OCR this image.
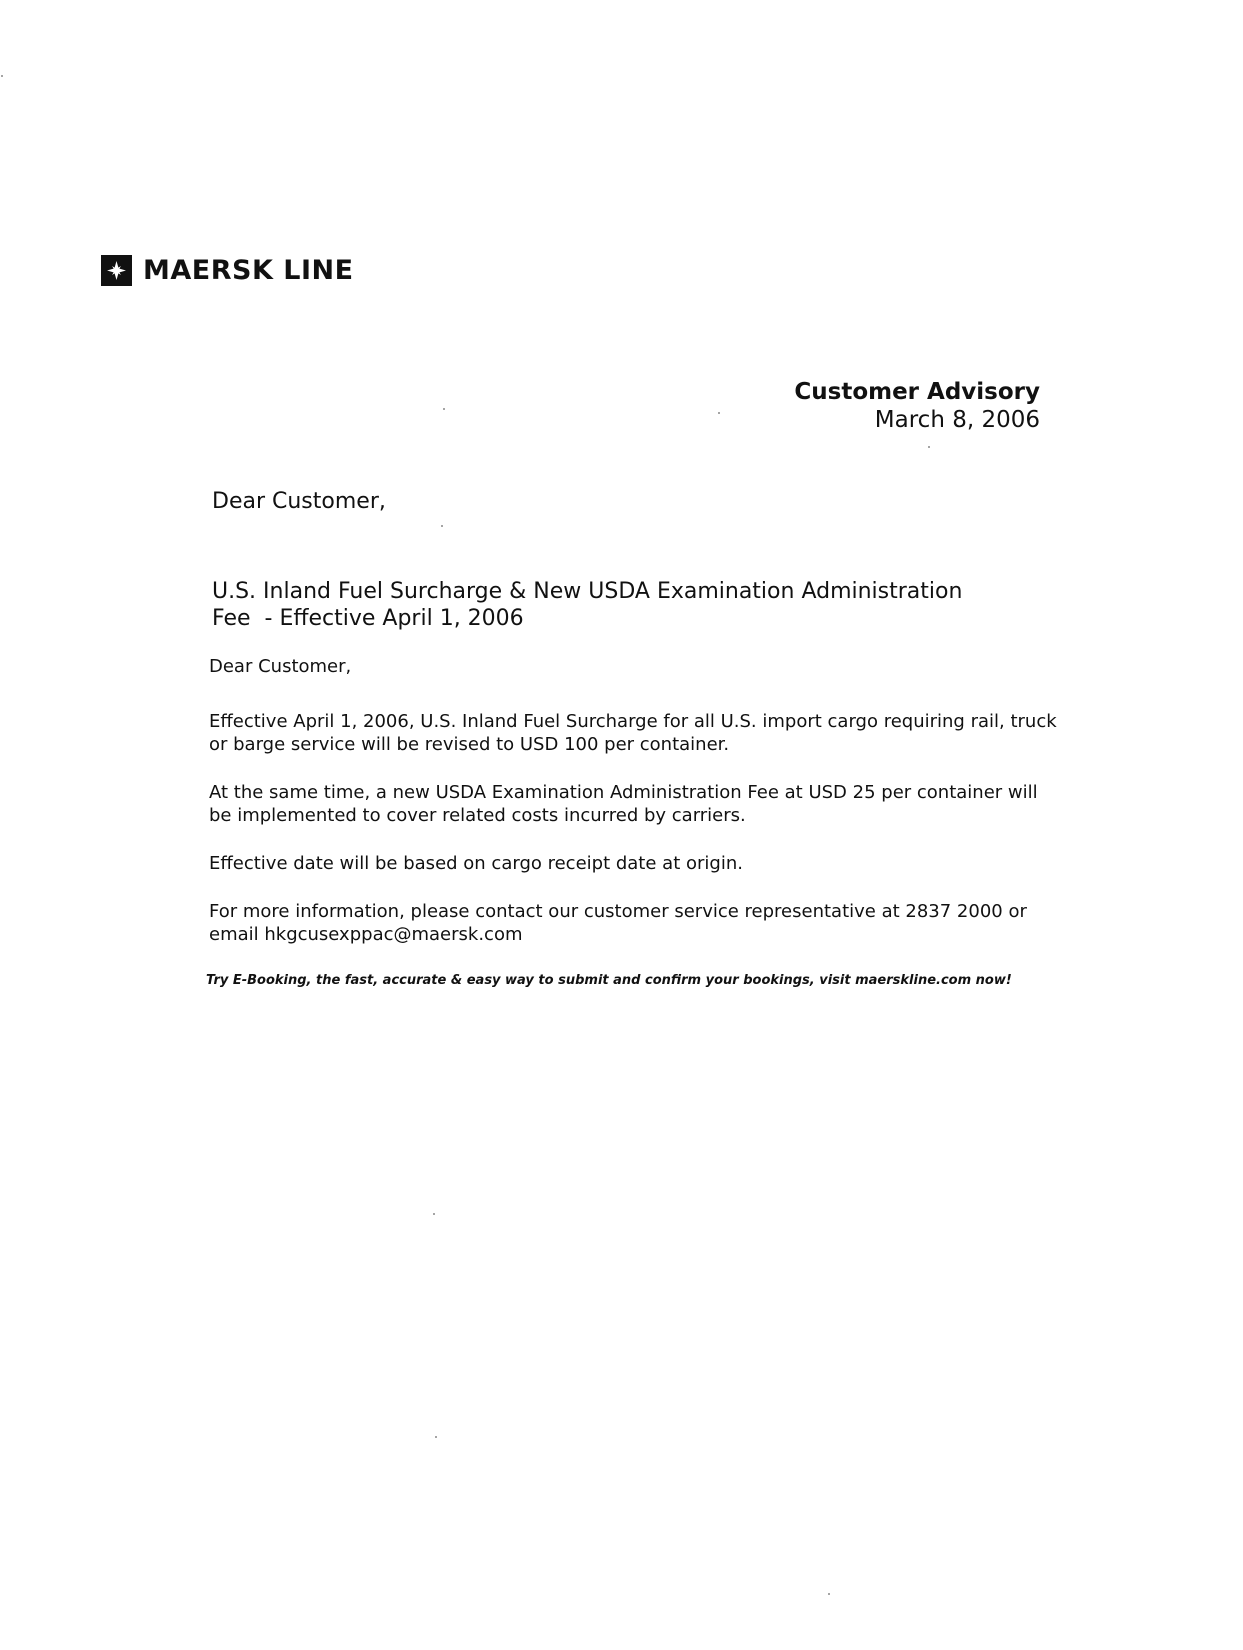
MAERSK LINE
Customer Advisory
March 8, 2006
Dear Customer,
U.S. Inland Fuel Surcharge & New USDA Examination Administration
Fee  - Effective April 1, 2006

Dear Customer,

Effective April 1, 2006, U.S. Inland Fuel Surcharge for all U.S. import cargo requiring rail, truck or barge service will be revised to USD 100 per container.

At the same time, a new USDA Examination Administration Fee at USD 25 per container will be implemented to cover related costs incurred by carriers.

Effective date will be based on cargo receipt date at origin.

For more information, please contact our customer service representative at 2837 2000 or email hkgcusexppac@maersk.com

Try E-Booking, the fast, accurate & easy way to submit and confirm your bookings, visit maerskline.com now!
